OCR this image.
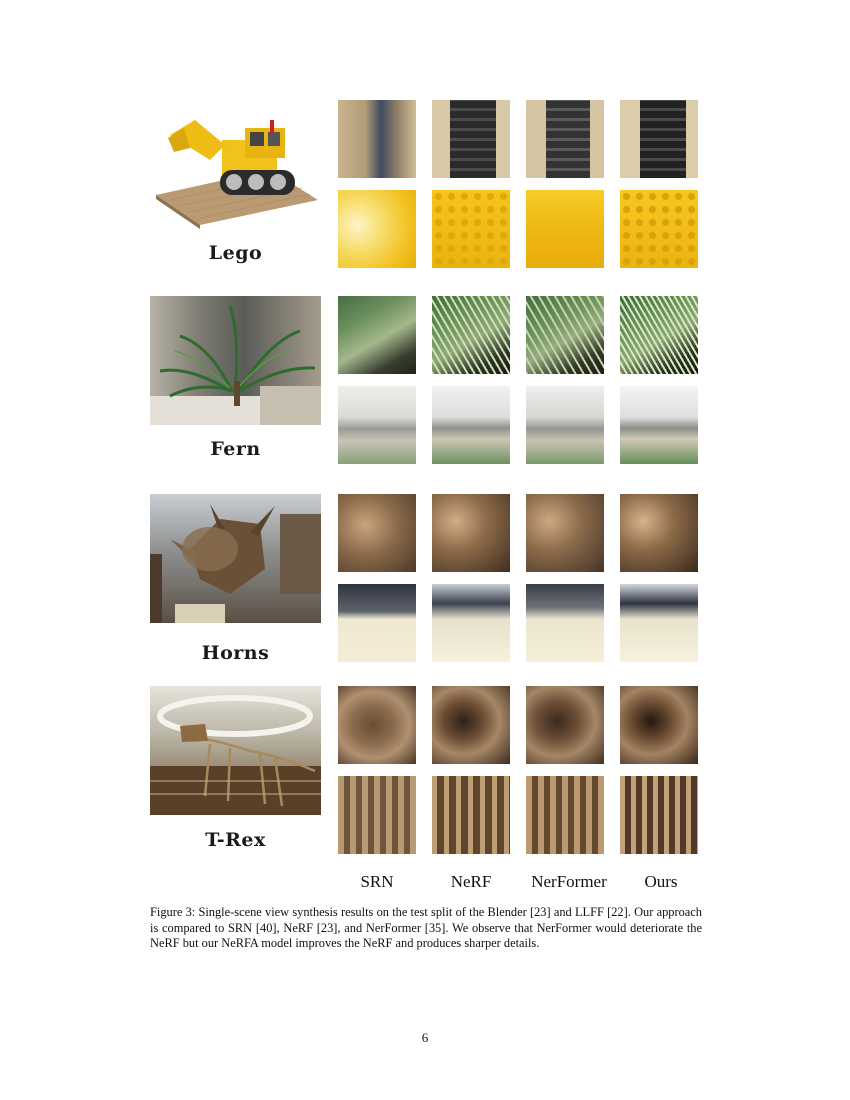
Lego
Fern
Horns
T-Rex
SRN	NeRF	NerFormer	Ours
Figure 3: Single-scene view synthesis results on the test split of the Blender [23] and LLFF [22]. Our approach is compared to SRN [40], NeRF [23], and NerFormer [35]. We observe that NerFormer would deteriorate the NeRF but our NeRFA model improves the NeRF and produces sharper details.
6
